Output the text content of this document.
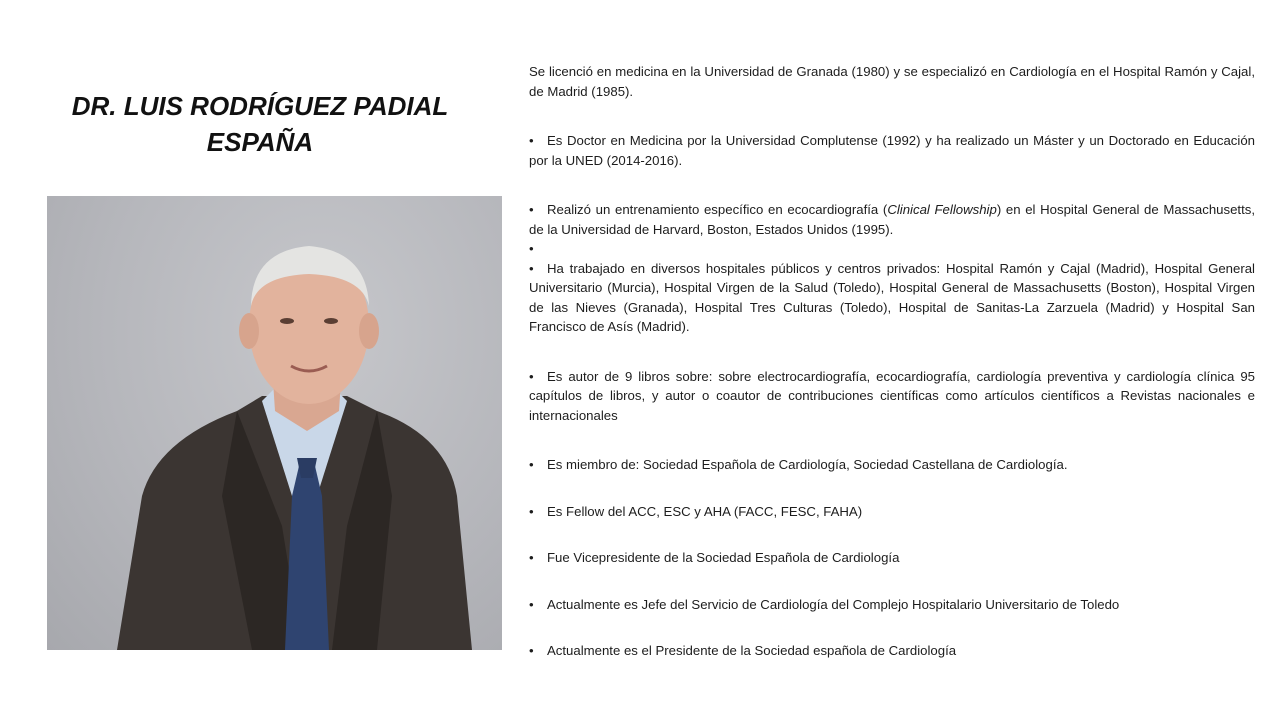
DR. LUIS RODRÍGUEZ PADIAL
ESPAÑA

Se licenció en medicina en la Universidad de Granada (1980) y se especializó en Cardiología en el Hospital Ramón y Cajal, de Madrid (1985).

• Es Doctor en Medicina por la Universidad Complutense (1992) y ha realizado un Máster y un Doctorado en Educación por la UNED (2014-2016).

• Realizó un entrenamiento específico en ecocardiografía (Clinical Fellowship) en el Hospital General de Massachusetts, de la Universidad de Harvard, Boston, Estados Unidos (1995).

•

• Ha trabajado en diversos hospitales públicos y centros privados: Hospital Ramón y Cajal (Madrid), Hospital General Universitario (Murcia), Hospital Virgen de la Salud (Toledo), Hospital General de Massachusetts (Boston), Hospital Virgen de las Nieves (Granada), Hospital Tres Culturas (Toledo), Hospital de Sanitas-La Zarzuela (Madrid) y Hospital San Francisco de Asís (Madrid).

• Es autor de 9 libros sobre: sobre electrocardiografía, ecocardiografía, cardiología preventiva y cardiología clínica 95 capítulos de libros, y autor o coautor de contribuciones científicas como artículos científicos a Revistas nacionales e internacionales

• Es miembro de: Sociedad Española de Cardiología, Sociedad Castellana de Cardiología.

• Es Fellow del ACC, ESC y AHA (FACC, FESC, FAHA)

• Fue Vicepresidente de la Sociedad Española de Cardiología

• Actualmente es Jefe del Servicio de Cardiología del Complejo Hospitalario Universitario de Toledo

• Actualmente es el Presidente de la Sociedad española de Cardiología
